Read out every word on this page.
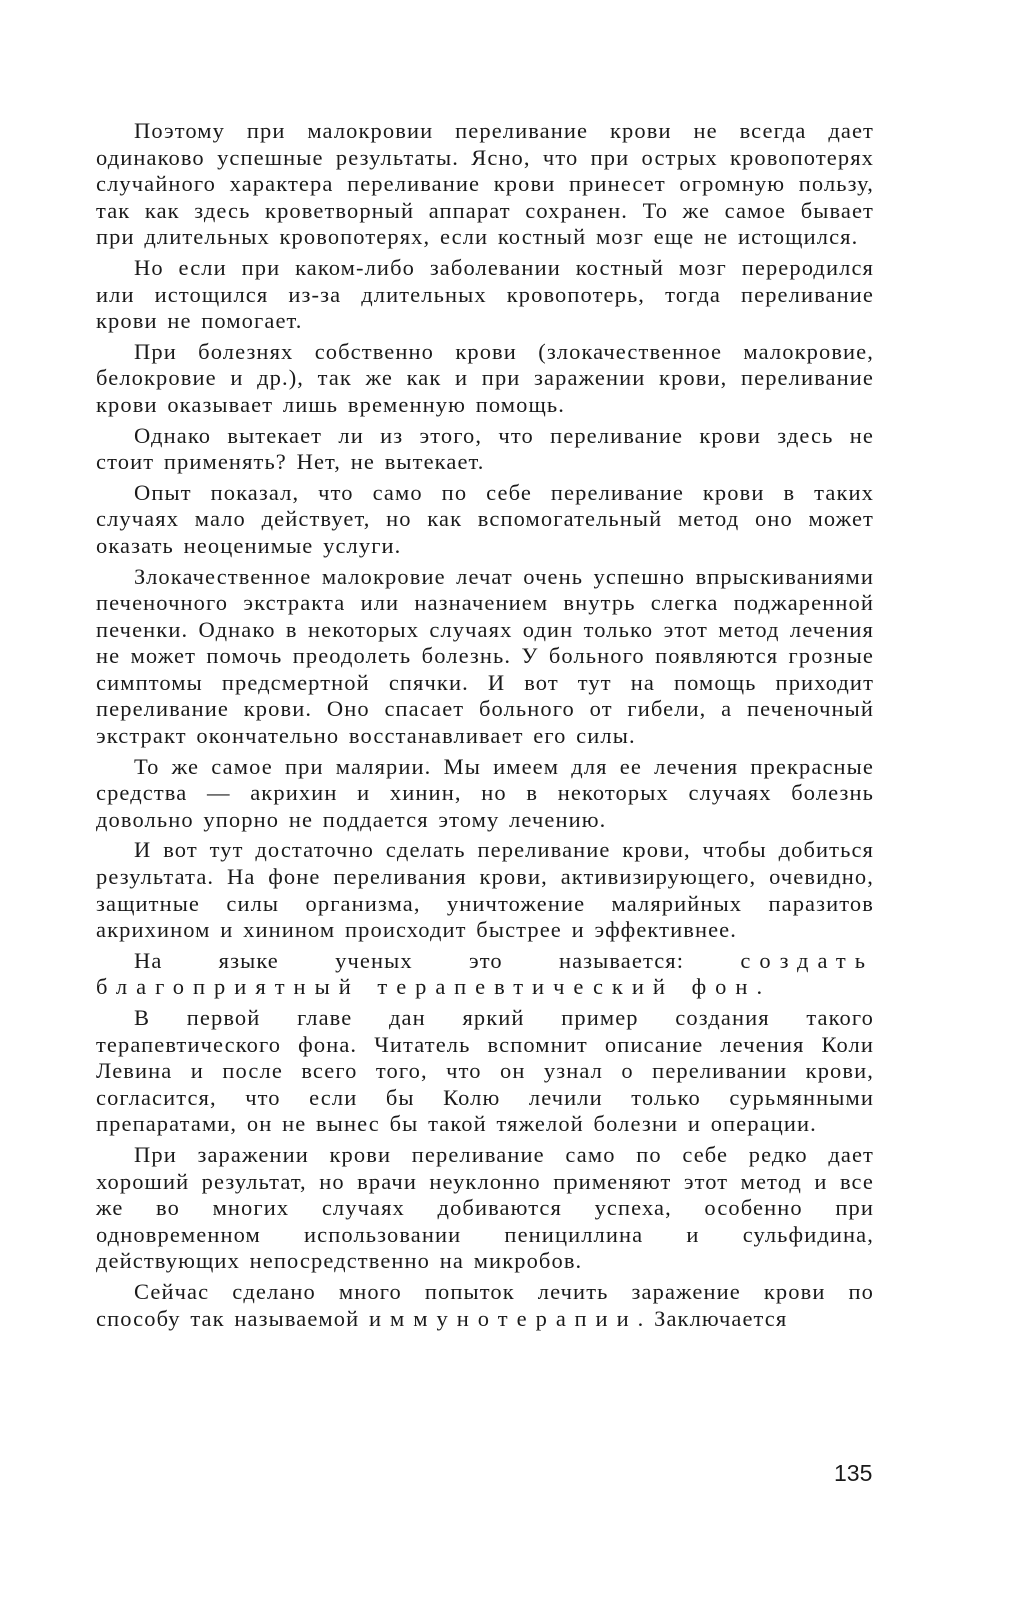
Поэтому при малокровии переливание крови не всегда дает одинаково успешные результаты. Ясно, что при острых кровопотерях случайного характера переливание крови принесет огромную пользу, так как здесь кроветворный аппарат сохранен. То же самое бывает при длительных кровопотерях, если костный мозг еще не истощился.

Но если при каком-либо заболевании костный мозг переродился или истощился из-за длительных кровопотерь, тогда переливание крови не помогает.

При болезнях собственно крови (злокачественное малокровие, белокровие и др.), так же как и при заражении крови, переливание крови оказывает лишь временную помощь.

Однако вытекает ли из этого, что переливание крови здесь не стоит применять? Нет, не вытекает.

Опыт показал, что само по себе переливание крови в таких случаях мало действует, но как вспомогательный метод оно может оказать неоценимые услуги.

Злокачественное малокровие лечат очень успешно впрыскиваниями печеночного экстракта или назначением внутрь слегка поджаренной печенки. Однако в некоторых случаях один только этот метод лечения не может помочь преодолеть болезнь. У больного появляются грозные симптомы предсмертной спячки. И вот тут на помощь приходит переливание крови. Оно спасает больного от гибели, а печеночный экстракт окончательно восстанавливает его силы.

То же самое при малярии. Мы имеем для ее лечения прекрасные средства — акрихин и хинин, но в некоторых случаях болезнь довольно упорно не поддается этому лечению.

И вот тут достаточно сделать переливание крови, чтобы добиться результата. На фоне переливания крови, активизирующего, очевидно, защитные силы организма, уничтожение малярийных паразитов акрихином и хинином происходит быстрее и эффективнее.

На языке ученых это называется: создать благоприятный терапевтический фон.

В первой главе дан яркий пример создания такого терапевтического фона. Читатель вспомнит описание лечения Коли Левина и после всего того, что он узнал о переливании крови, согласится, что если бы Колю лечили только сурьмянными препаратами, он не вынес бы такой тяжелой болезни и операции.

При заражении крови переливание само по себе редко дает хороший результат, но врачи неуклонно применяют этот метод и все же во многих случаях добиваются успеха, особенно при одновременном использовании пенициллина и сульфидина, действующих непосредственно на микробов.

Сейчас сделано много попыток лечить заражение крови по способу так называемой иммунотерапии. Заключается

135
